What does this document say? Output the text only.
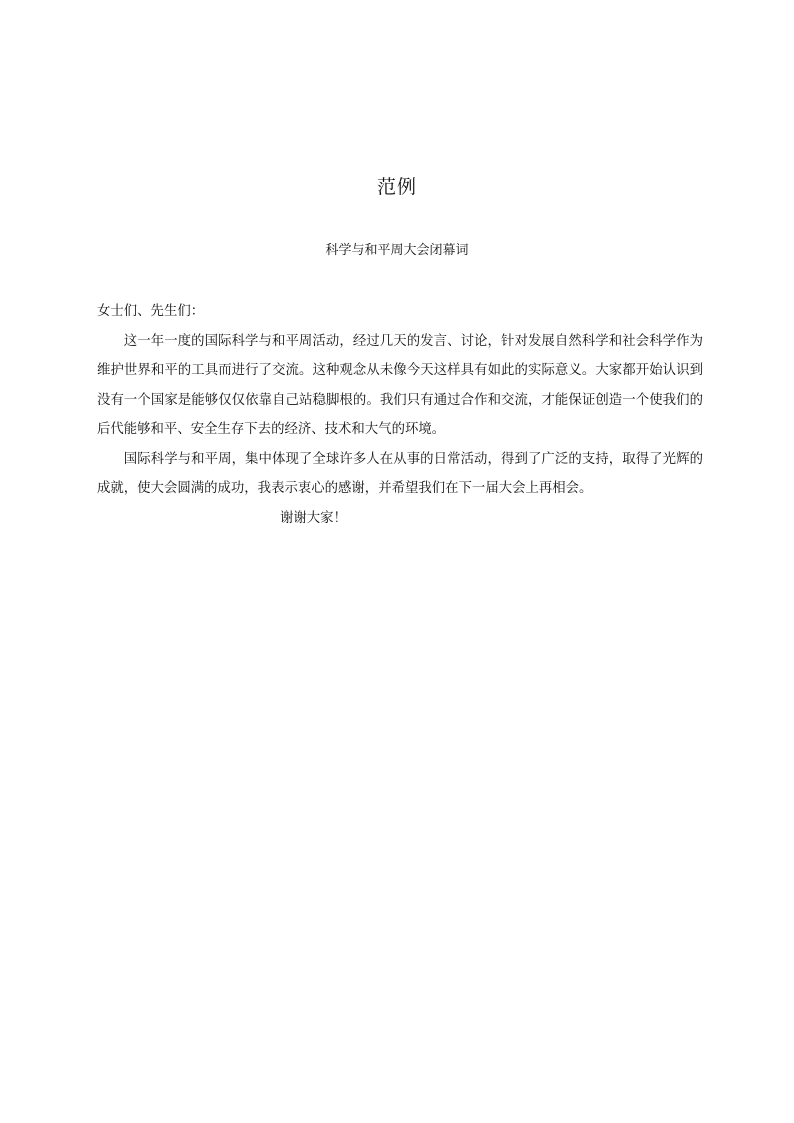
范例
科学与和平周大会闭幕词

女士们、先生们：

这一年一度的国际科学与和平周活动，经过几天的发言、讨论，针对发展自然科学和社会科学作为维护世界和平的工具而进行了交流。这种观念从未像今天这样具有如此的实际意义。大家都开始认识到没有一个国家是能够仅仅依靠自己站稳脚根的。我们只有通过合作和交流，才能保证创造一个使我们的后代能够和平、安全生存下去的经济、技术和大气的环境。

国际科学与和平周，集中体现了全球许多人在从事的日常活动，得到了广泛的支持，取得了光辉的成就，使大会圆满的成功，我表示衷心的感谢，并希望我们在下一届大会上再相会。

谢谢大家！
